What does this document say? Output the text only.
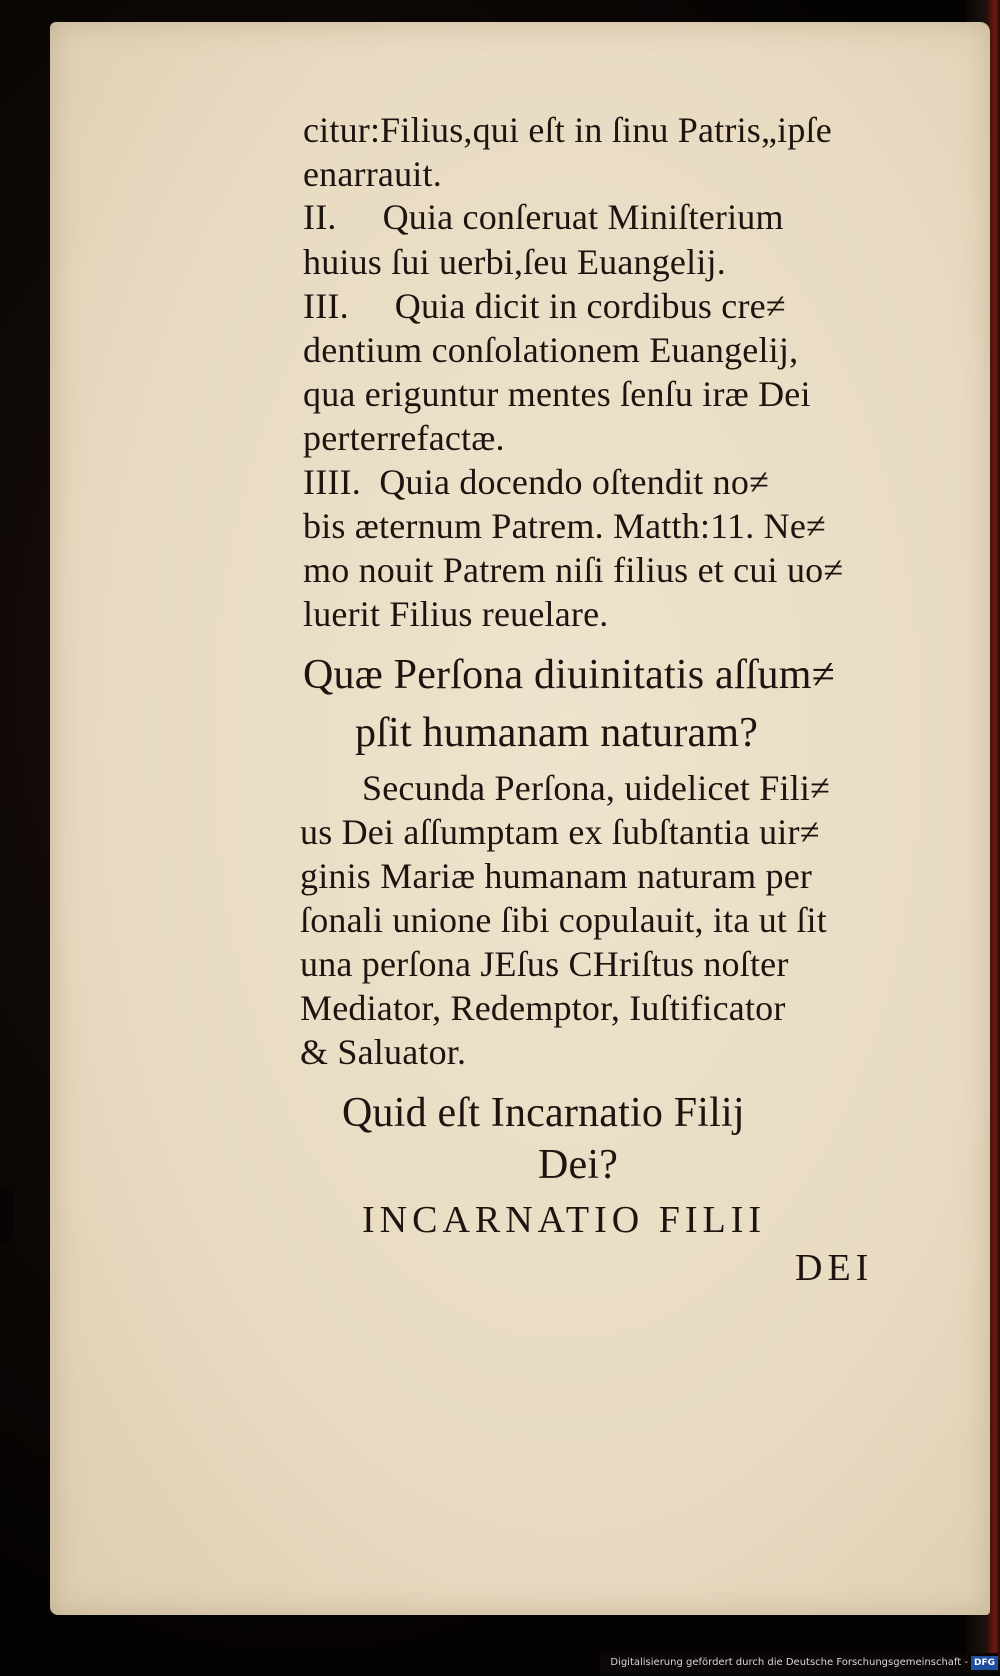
citur:Filius,qui eſt in ſinu Patris„ipſe
enarrauit.
II.     Quia conſeruat Miniſterium
huius ſui uerbi,ſeu Euangelij.
III.     Quia dicit in cordibus cre≠
dentium conſolationem Euangelij,
qua eriguntur mentes ſenſu iræ Dei
perterrefactæ.
IIII.  Quia docendo oſtendit no≠
bis æternum Patrem. Matth:11. Ne≠
mo nouit Patrem niſi filius et cui uo≠
luerit Filius reuelare.
Quæ Perſona diuinitatis aſſum≠
pſit humanam naturam?
Secunda Perſona, uidelicet Fili≠
us Dei aſſumptam ex ſubſtantia uir≠
ginis Mariæ humanam naturam per
ſonali unione ſibi copulauit, ita ut ſit
una perſona JEſus CHriſtus noſter
Mediator, Redemptor, Iuſtificator
& Saluator.
Quid eſt Incarnatio Filij
Dei?
INCARNATIO FILII
DEI
Digitalisierung gefördert durch die Deutsche Forschungsgemeinschaft - DFG
